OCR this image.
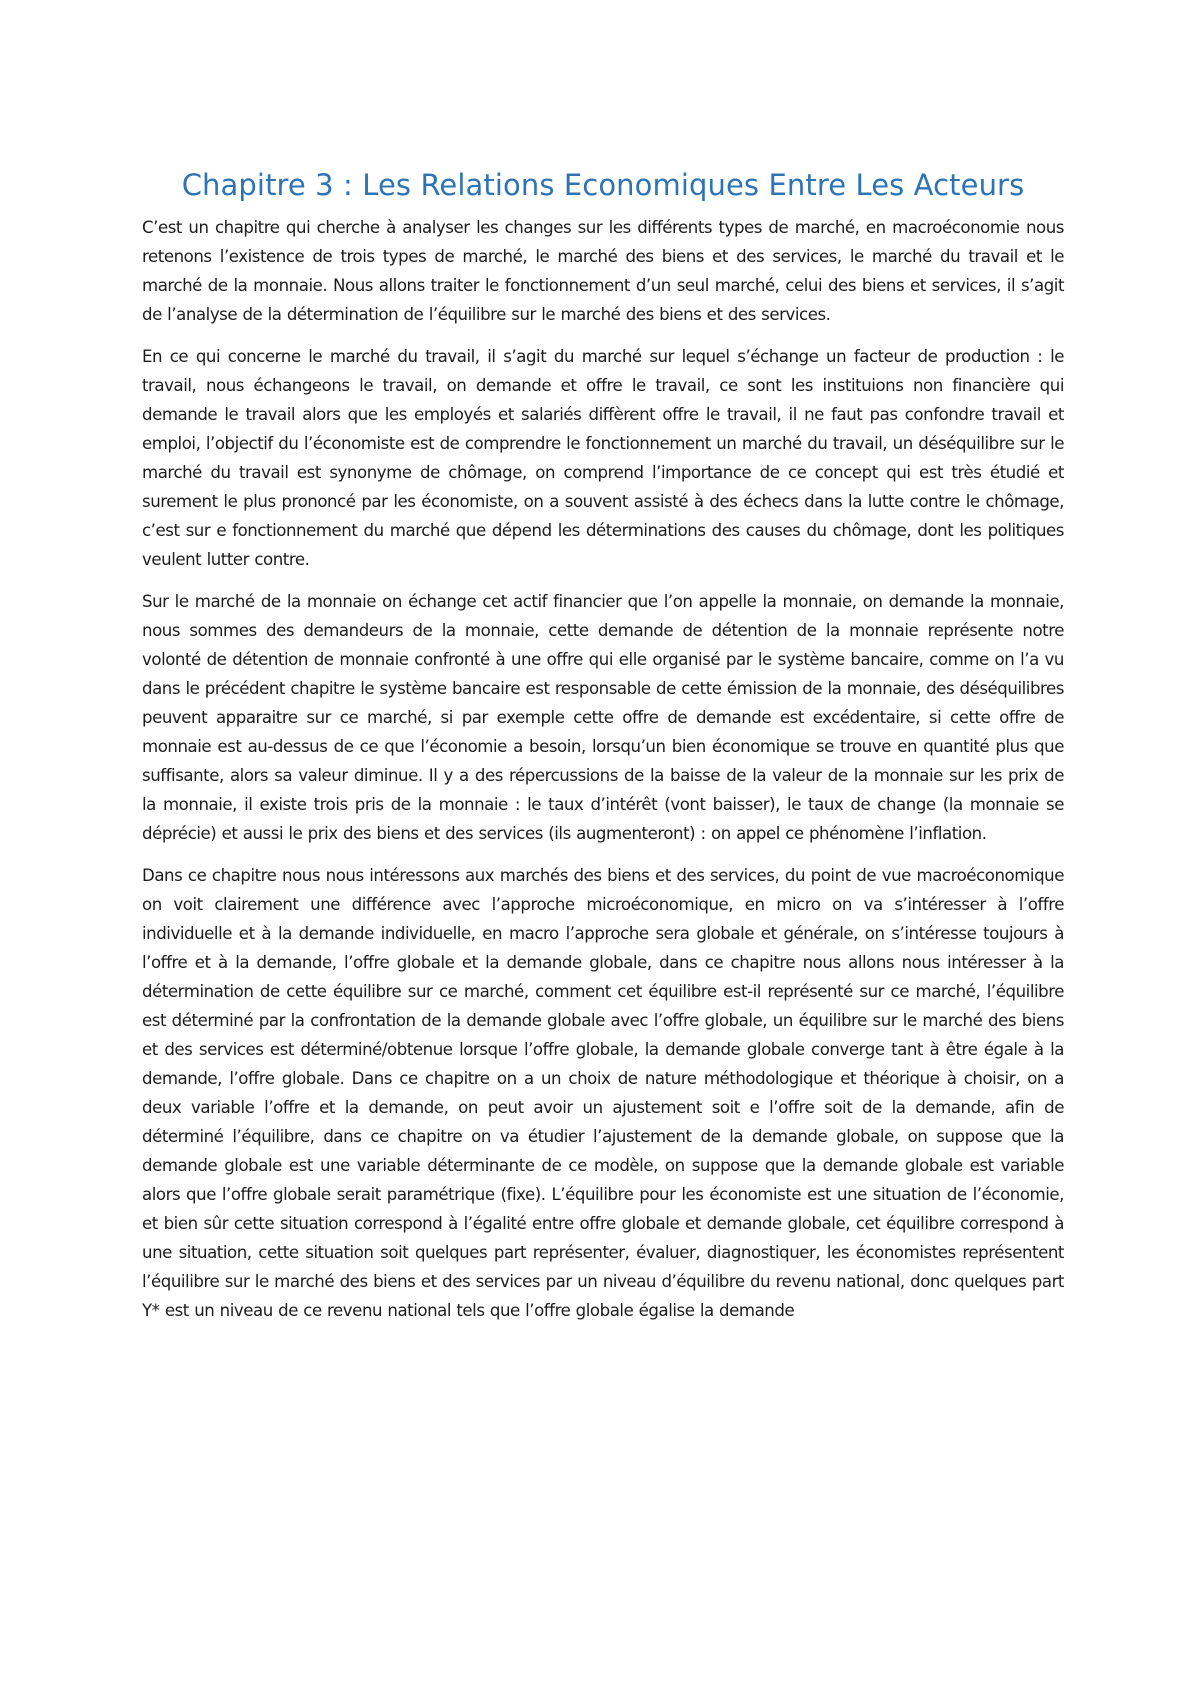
Chapitre 3 : Les Relations Economiques Entre Les Acteurs

C’est un chapitre qui cherche à analyser les changes sur les différents types de marché, en macroéconomie nous retenons l’existence de trois types de marché, le marché des biens et des services, le marché du travail et le marché de la monnaie. Nous allons traiter le fonctionnement d’un seul marché, celui des biens et services, il s’agit de l’analyse de la détermination de l’équilibre sur le marché des biens et des services.

En ce qui concerne le marché du travail, il s’agit du marché sur lequel s’échange un facteur de production : le travail, nous échangeons le travail, on demande et offre le travail, ce sont les instituions non financière qui demande le travail alors que les employés et salariés diffèrent offre le travail, il ne faut pas confondre travail et emploi, l’objectif du l’économiste est de comprendre le fonctionnement un marché du travail, un déséquilibre sur le marché du travail est synonyme de chômage, on comprend l’importance de ce concept qui est très étudié et surement le plus prononcé par les économiste, on a souvent assisté à des échecs dans la lutte contre le chômage, c’est sur e fonctionnement du marché que dépend les déterminations des causes du chômage, dont les politiques veulent lutter contre.

Sur le marché de la monnaie on échange cet actif financier que l’on appelle la monnaie, on demande la monnaie, nous sommes des demandeurs de la monnaie, cette demande de détention de la monnaie représente notre volonté de détention de monnaie confronté à une offre qui elle organisé par le système bancaire, comme on l’a vu dans le précédent chapitre le système bancaire est responsable de cette émission de la monnaie, des déséquilibres peuvent apparaitre sur ce marché, si par exemple cette offre de demande est excédentaire, si cette offre de monnaie est au-dessus de ce que l’économie a besoin, lorsqu’un bien économique se trouve en quantité plus que suffisante, alors sa valeur diminue. Il y a des répercussions de la baisse de la valeur de la monnaie sur les prix de la monnaie, il existe trois pris de la monnaie : le taux d’intérêt (vont baisser), le taux de change (la monnaie se déprécie) et aussi le prix des biens et des services (ils augmenteront) : on appel ce phénomène l’inflation.

Dans ce chapitre nous nous intéressons aux marchés des biens et des services, du point de vue macroéconomique on voit clairement une différence avec l’approche microéconomique, en micro on va s’intéresser à l’offre individuelle et à la demande individuelle, en macro l’approche sera globale et générale, on s’intéresse toujours à l’offre et à la demande, l’offre globale et la demande globale, dans ce chapitre nous allons nous intéresser à la détermination de cette équilibre sur ce marché, comment cet équilibre est-il représenté sur ce marché, l’équilibre est déterminé par la confrontation de la demande globale avec l’offre globale, un équilibre sur le marché des biens et des services est déterminé/obtenue lorsque l’offre globale, la demande globale converge tant à être égale à la demande, l’offre globale. Dans ce chapitre on a un choix de nature méthodologique et théorique à choisir, on a deux variable l’offre et la demande, on peut avoir un ajustement soit e l’offre soit de la demande, afin de déterminé l’équilibre, dans ce chapitre on va étudier l’ajustement de la demande globale, on suppose que la demande globale est une variable déterminante de ce modèle, on suppose que la demande globale est variable alors que l’offre globale serait paramétrique (fixe). L’équilibre pour les économiste est une situation de l’économie, et bien sûr cette situation correspond à l’égalité entre offre globale et demande globale, cet équilibre correspond à une situation, cette situation soit quelques part représenter, évaluer, diagnostiquer, les économistes représentent l’équilibre sur le marché des biens et des services par un niveau d’équilibre du revenu national, donc quelques part Y* est un niveau de ce revenu national tels que l’offre globale égalise la demande
